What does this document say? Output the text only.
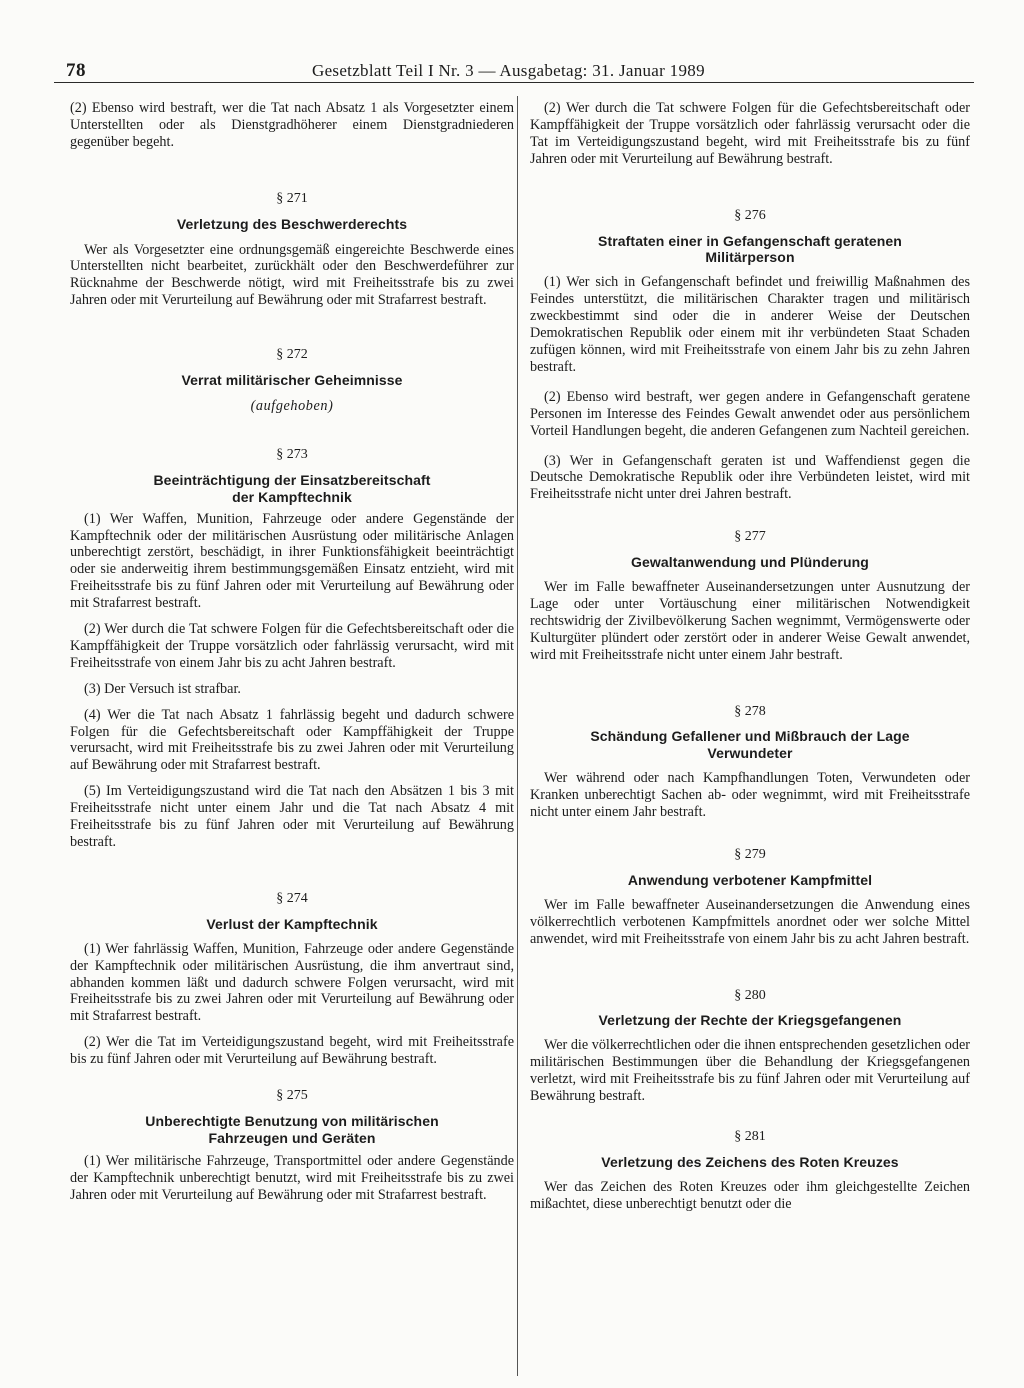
78	Gesetzblatt Teil I Nr. 3 — Ausgabetag: 31. Januar 1989

(2) Ebenso wird bestraft, wer die Tat nach Absatz 1 als Vorgesetzter einem Unterstellten oder als Dienstgradhöherer einem Dienstgradniederen gegenüber begeht.

§ 271

Verletzung des Beschwerderechts

Wer als Vorgesetzter eine ordnungsgemäß eingereichte Beschwerde eines Unterstellten nicht bearbeitet, zurückhält oder den Beschwerdeführer zur Rücknahme der Beschwerde nötigt, wird mit Freiheitsstrafe bis zu zwei Jahren oder mit Verurteilung auf Bewährung oder mit Strafarrest bestraft.

§ 272

Verrat militärischer Geheimnisse

(aufgehoben)

§ 273

Beeinträchtigung der Einsatzbereitschaft

der Kampftechnik

(1) Wer Waffen, Munition, Fahrzeuge oder andere Gegenstände der Kampftechnik oder der militärischen Ausrüstung oder militärische Anlagen unberechtigt zerstört, beschädigt, in ihrer Funktionsfähigkeit beeinträchtigt oder sie anderweitig ihrem bestimmungsgemäßen Einsatz entzieht, wird mit Freiheitsstrafe bis zu fünf Jahren oder mit Verurteilung auf Bewährung oder mit Strafarrest bestraft.

(2) Wer durch die Tat schwere Folgen für die Gefechtsbereitschaft oder die Kampffähigkeit der Truppe vorsätzlich oder fahrlässig verursacht, wird mit Freiheitsstrafe von einem Jahr bis zu acht Jahren bestraft.

(3) Der Versuch ist strafbar.

(4) Wer die Tat nach Absatz 1 fahrlässig begeht und dadurch schwere Folgen für die Gefechtsbereitschaft oder Kampffähigkeit der Truppe verursacht, wird mit Freiheitsstrafe bis zu zwei Jahren oder mit Verurteilung auf Bewährung oder mit Strafarrest bestraft.

(5) Im Verteidigungszustand wird die Tat nach den Absätzen 1 bis 3 mit Freiheitsstrafe nicht unter einem Jahr und die Tat nach Absatz 4 mit Freiheitsstrafe bis zu fünf Jahren oder mit Verurteilung auf Bewährung bestraft.

§ 274

Verlust der Kampftechnik

(1) Wer fahrlässig Waffen, Munition, Fahrzeuge oder andere Gegenstände der Kampftechnik oder militärischen Ausrüstung, die ihm anvertraut sind, abhanden kommen läßt und dadurch schwere Folgen verursacht, wird mit Freiheitsstrafe bis zu zwei Jahren oder mit Verurteilung auf Bewährung oder mit Strafarrest bestraft.

(2) Wer die Tat im Verteidigungszustand begeht, wird mit Freiheitsstrafe bis zu fünf Jahren oder mit Verurteilung auf Bewährung bestraft.

§ 275

Unberechtigte Benutzung von militärischen

Fahrzeugen und Geräten

(1) Wer militärische Fahrzeuge, Transportmittel oder andere Gegenstände der Kampftechnik unberechtigt benutzt, wird mit Freiheitsstrafe bis zu zwei Jahren oder mit Verurteilung auf Bewährung oder mit Strafarrest bestraft.

(2) Wer durch die Tat schwere Folgen für die Gefechtsbereitschaft oder Kampffähigkeit der Truppe vorsätzlich oder fahrlässig verursacht oder die Tat im Verteidigungszustand begeht, wird mit Freiheitsstrafe bis zu fünf Jahren oder mit Verurteilung auf Bewährung bestraft.

§ 276

Straftaten einer in Gefangenschaft geratenen

Militärperson

(1) Wer sich in Gefangenschaft befindet und freiwillig Maßnahmen des Feindes unterstützt, die militärischen Charakter tragen und militärisch zweckbestimmt sind oder die in anderer Weise der Deutschen Demokratischen Republik oder einem mit ihr verbündeten Staat Schaden zufügen können, wird mit Freiheitsstrafe von einem Jahr bis zu zehn Jahren bestraft.

(2) Ebenso wird bestraft, wer gegen andere in Gefangenschaft geratene Personen im Interesse des Feindes Gewalt anwendet oder aus persönlichem Vorteil Handlungen begeht, die anderen Gefangenen zum Nachteil gereichen.

(3) Wer in Gefangenschaft geraten ist und Waffendienst gegen die Deutsche Demokratische Republik oder ihre Verbündeten leistet, wird mit Freiheitsstrafe nicht unter drei Jahren bestraft.

§ 277

Gewaltanwendung und Plünderung

Wer im Falle bewaffneter Auseinandersetzungen unter Ausnutzung der Lage oder unter Vortäuschung einer militärischen Notwendigkeit rechtswidrig der Zivilbevölkerung Sachen wegnimmt, Vermögenswerte oder Kulturgüter plündert oder zerstört oder in anderer Weise Gewalt anwendet, wird mit Freiheitsstrafe nicht unter einem Jahr bestraft.

§ 278

Schändung Gefallener und Mißbrauch der Lage

Verwundeter

Wer während oder nach Kampfhandlungen Toten, Verwundeten oder Kranken unberechtigt Sachen ab- oder wegnimmt, wird mit Freiheitsstrafe nicht unter einem Jahr bestraft.

§ 279

Anwendung verbotener Kampfmittel

Wer im Falle bewaffneter Auseinandersetzungen die Anwendung eines völkerrechtlich verbotenen Kampfmittels anordnet oder wer solche Mittel anwendet, wird mit Freiheitsstrafe von einem Jahr bis zu acht Jahren bestraft.

§ 280

Verletzung der Rechte der Kriegsgefangenen

Wer die völkerrechtlichen oder die ihnen entsprechenden gesetzlichen oder militärischen Bestimmungen über die Behandlung der Kriegsgefangenen verletzt, wird mit Freiheitsstrafe bis zu fünf Jahren oder mit Verurteilung auf Bewährung bestraft.

§ 281

Verletzung des Zeichens des Roten Kreuzes

Wer das Zeichen des Roten Kreuzes oder ihm gleichgestellte Zeichen mißachtet, diese unberechtigt benutzt oder die
